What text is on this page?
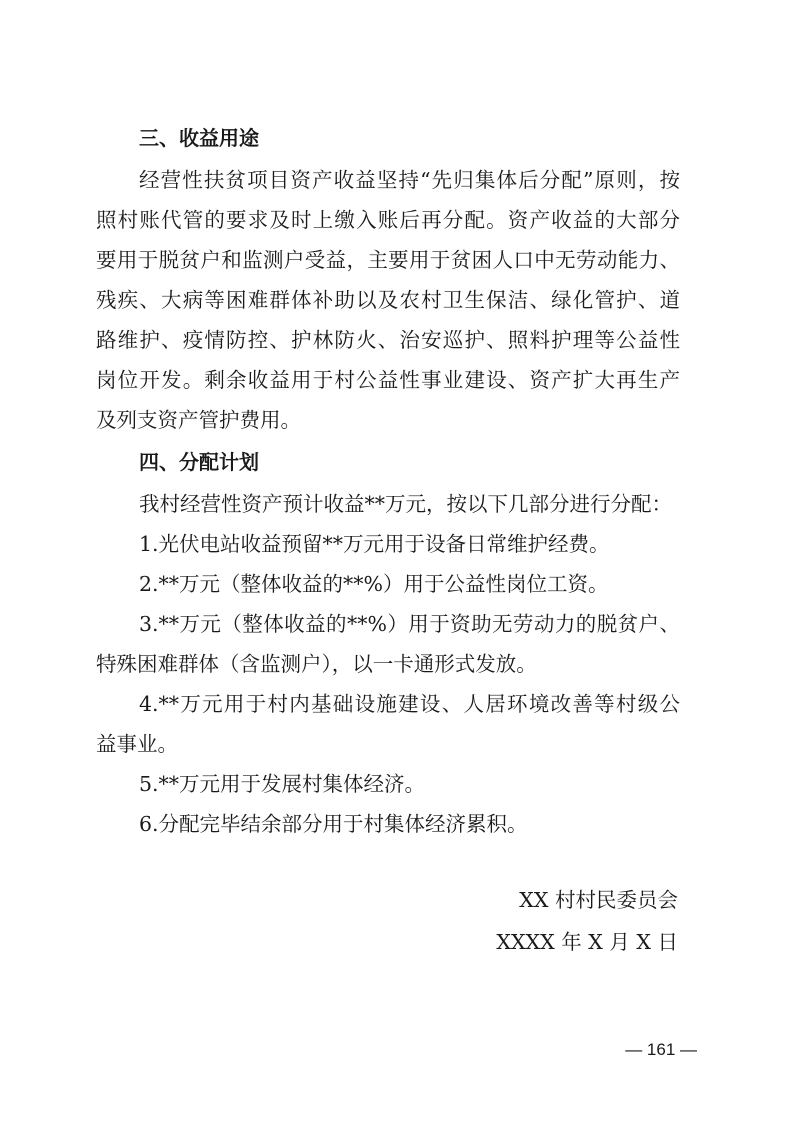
三、收益用途
经营性扶贫项目资产收益坚持“先归集体后分配”原则，按
照村账代管的要求及时上缴入账后再分配。资产收益的大部分
要用于脱贫户和监测户受益，主要用于贫困人口中无劳动能力、
残疾、大病等困难群体补助以及农村卫生保洁、绿化管护、道
路维护、疫情防控、护林防火、治安巡护、照料护理等公益性
岗位开发。剩余收益用于村公益性事业建设、资产扩大再生产
及列支资产管护费用。
四、分配计划
我村经营性资产预计收益**万元，按以下几部分进行分配：
1.光伏电站收益预留**万元用于设备日常维护经费。
2.**万元（整体收益的**%）用于公益性岗位工资。
3.**万元（整体收益的**%）用于资助无劳动力的脱贫户、
特殊困难群体（含监测户），以一卡通形式发放。
4.**万元用于村内基础设施建设、人居环境改善等村级公
益事业。
5.**万元用于发展村集体经济。
6.分配完毕结余部分用于村集体经济累积。
XX 村村民委员会
XXXX 年 X 月 X 日
— 161 —
